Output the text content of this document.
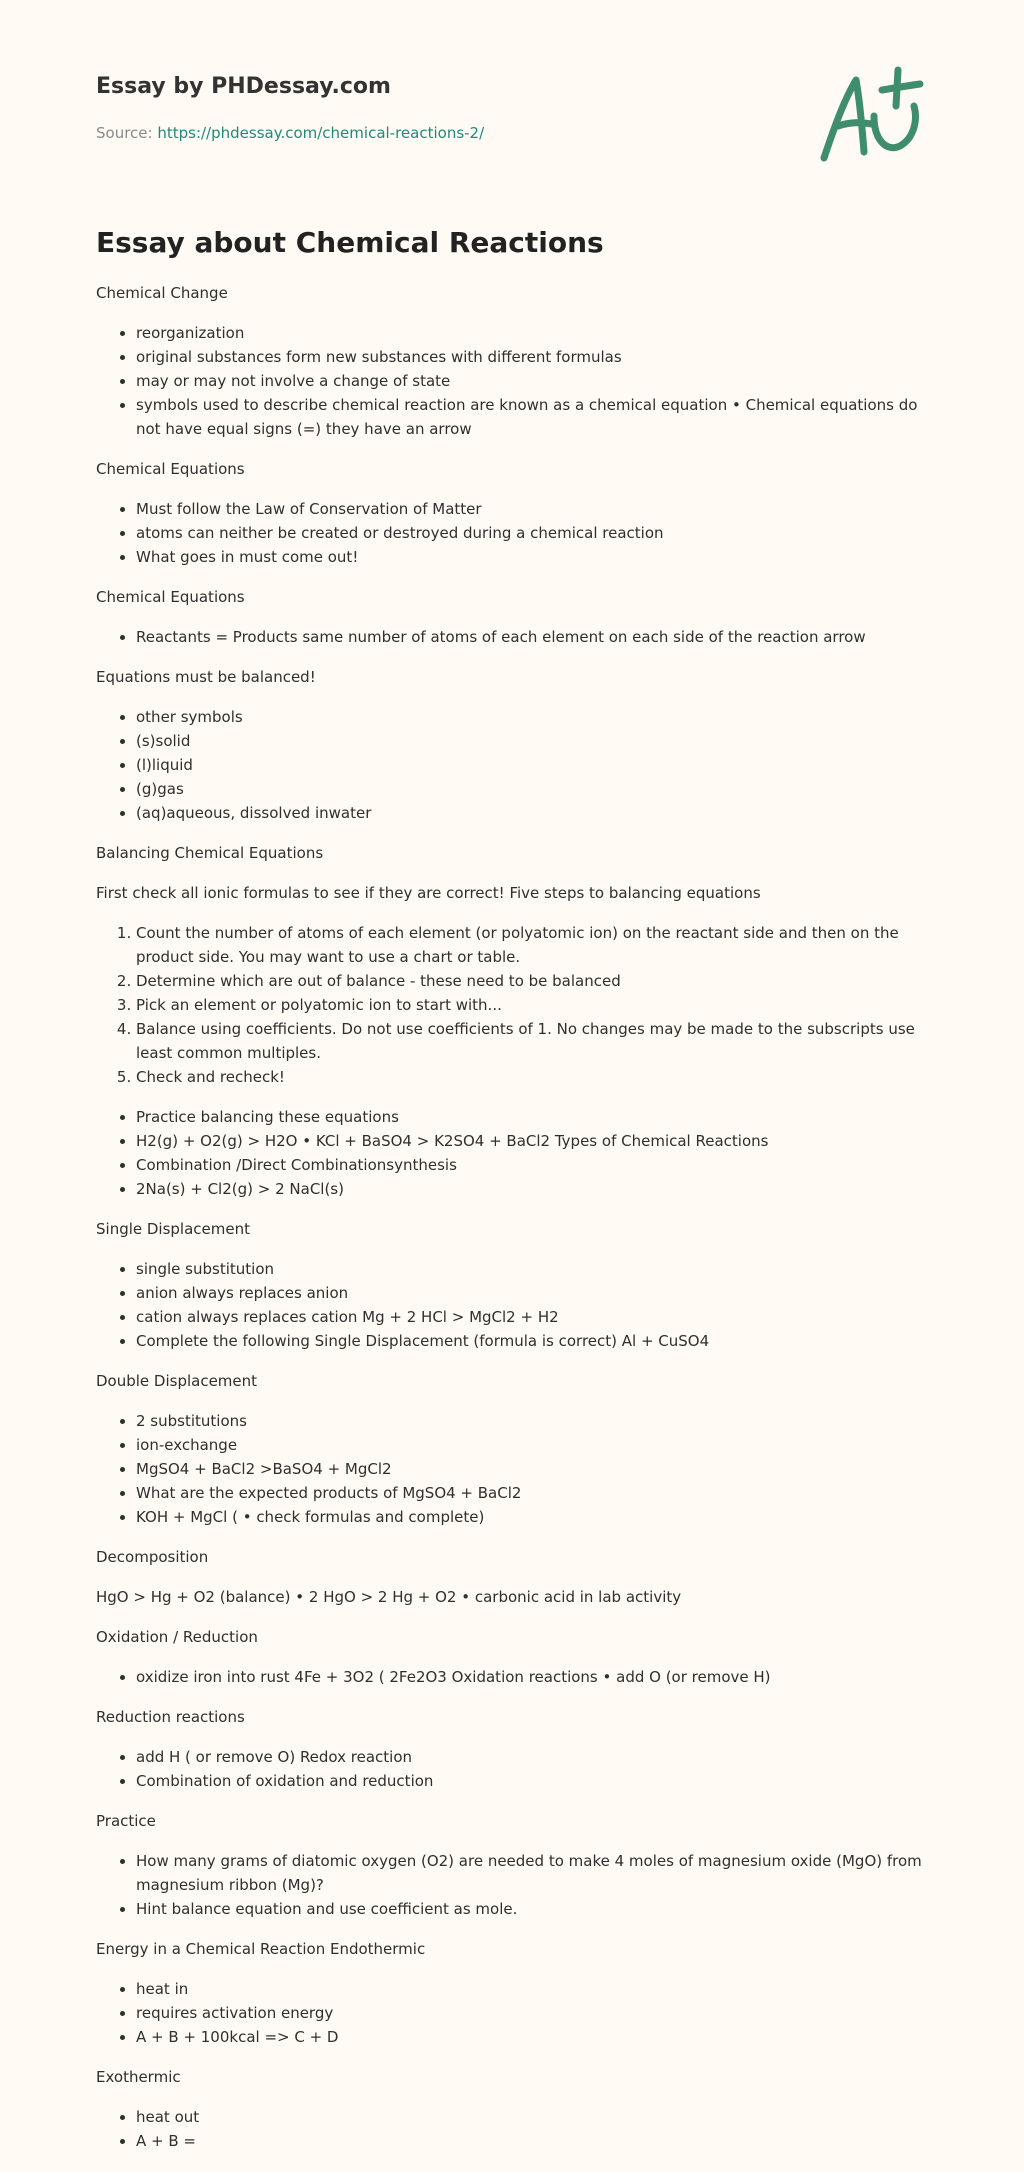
Essay by PHDessay.com
Source: https://phdessay.com/chemical-reactions-2/
Essay about Chemical Reactions

Chemical Change

• reorganization
• original substances form new substances with different formulas
• may or may not involve a change of state
• symbols used to describe chemical reaction are known as a chemical equation • Chemical equations do not have equal signs (=) they have an arrow

Chemical Equations

• Must follow the Law of Conservation of Matter
• atoms can neither be created or destroyed during a chemical reaction
• What goes in must come out!

Chemical Equations

• Reactants = Products same number of atoms of each element on each side of the reaction arrow

Equations must be balanced!

• other symbols
• (s)solid
• (l)liquid
• (g)gas
• (aq)aqueous, dissolved inwater

Balancing Chemical Equations

First check all ionic formulas to see if they are correct! Five steps to balancing equations

1. Count the number of atoms of each element (or polyatomic ion) on the reactant side and then on the product side. You may want to use a chart or table.
2. Determine which are out of balance - these need to be balanced
3. Pick an element or polyatomic ion to start with...
4. Balance using coefficients. Do not use coefficients of 1. No changes may be made to the subscripts use least common multiples.
5. Check and recheck!
• Practice balancing these equations
• H2(g) + O2(g) > H2O • KCl + BaSO4 > K2SO4 + BaCl2 Types of Chemical Reactions
• Combination /Direct Combinationsynthesis
• 2Na(s) + Cl2(g) > 2 NaCl(s)

Single Displacement

• single substitution
• anion always replaces anion
• cation always replaces cation Mg + 2 HCl > MgCl2 + H2
• Complete the following Single Displacement (formula is correct) Al + CuSO4

Double Displacement

• 2 substitutions
• ion-exchange
• MgSO4 + BaCl2 >BaSO4 + MgCl2
• What are the expected products of MgSO4 + BaCl2
• KOH + MgCl ( • check formulas and complete)

Decomposition

HgO > Hg + O2 (balance) • 2 HgO > 2 Hg + O2 • carbonic acid in lab activity

Oxidation / Reduction

• oxidize iron into rust 4Fe + 3O2 ( 2Fe2O3 Oxidation reactions • add O (or remove H)

Reduction reactions

• add H ( or remove O) Redox reaction
• Combination of oxidation and reduction

Practice

• How many grams of diatomic oxygen (O2) are needed to make 4 moles of magnesium oxide (MgO) from magnesium ribbon (Mg)?
• Hint balance equation and use coefficient as mole.

Energy in a Chemical Reaction Endothermic

• heat in
• requires activation energy
• A + B + 100kcal => C + D

Exothermic

• heat out
• A + B =
